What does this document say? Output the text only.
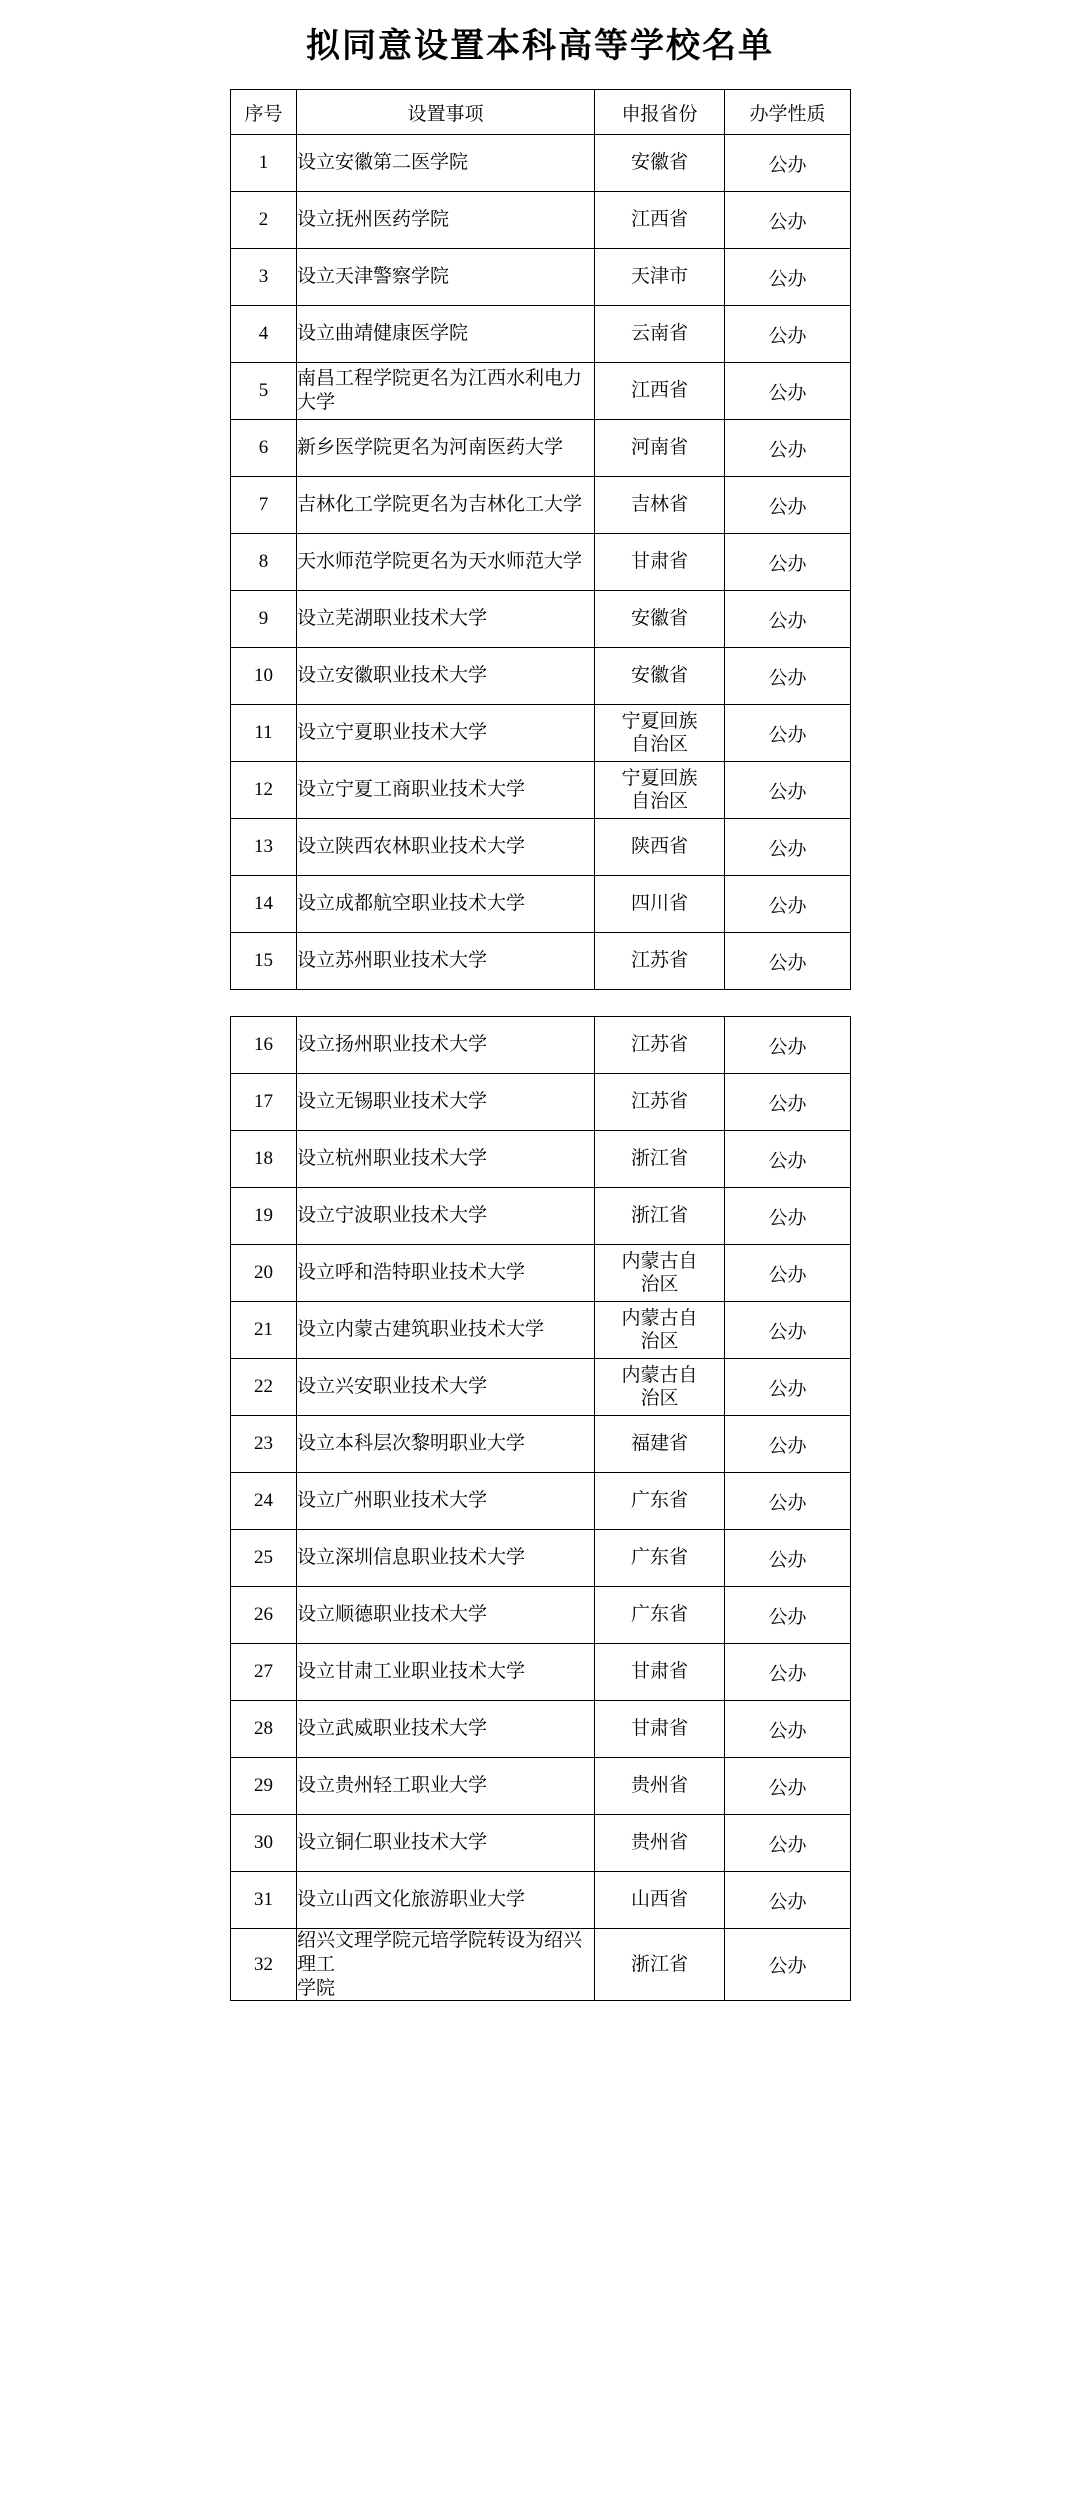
拟同意设置本科高等学校名单
序号	设置事项	申报省份	办学性质
1	设立安徽第二医学院	安徽省	公办
2	设立抚州医药学院	江西省	公办
3	设立天津警察学院	天津市	公办
4	设立曲靖健康医学院	云南省	公办
5	南昌工程学院更名为江西水利电力大学	江西省	公办
6	新乡医学院更名为河南医药大学	河南省	公办
7	吉林化工学院更名为吉林化工大学	吉林省	公办
8	天水师范学院更名为天水师范大学	甘肃省	公办
9	设立芜湖职业技术大学	安徽省	公办
10	设立安徽职业技术大学	安徽省	公办
11	设立宁夏职业技术大学	宁夏回族
自治区	公办
12	设立宁夏工商职业技术大学	宁夏回族
自治区	公办
13	设立陕西农林职业技术大学	陕西省	公办
14	设立成都航空职业技术大学	四川省	公办
15	设立苏州职业技术大学	江苏省	公办
16	设立扬州职业技术大学	江苏省	公办
17	设立无锡职业技术大学	江苏省	公办
18	设立杭州职业技术大学	浙江省	公办
19	设立宁波职业技术大学	浙江省	公办
20	设立呼和浩特职业技术大学	内蒙古自
治区	公办
21	设立内蒙古建筑职业技术大学	内蒙古自
治区	公办
22	设立兴安职业技术大学	内蒙古自
治区	公办
23	设立本科层次黎明职业大学	福建省	公办
24	设立广州职业技术大学	广东省	公办
25	设立深圳信息职业技术大学	广东省	公办
26	设立顺德职业技术大学	广东省	公办
27	设立甘肃工业职业技术大学	甘肃省	公办
28	设立武威职业技术大学	甘肃省	公办
29	设立贵州轻工职业大学	贵州省	公办
30	设立铜仁职业技术大学	贵州省	公办
31	设立山西文化旅游职业大学	山西省	公办
32	绍兴文理学院元培学院转设为绍兴理工
学院	浙江省	公办
